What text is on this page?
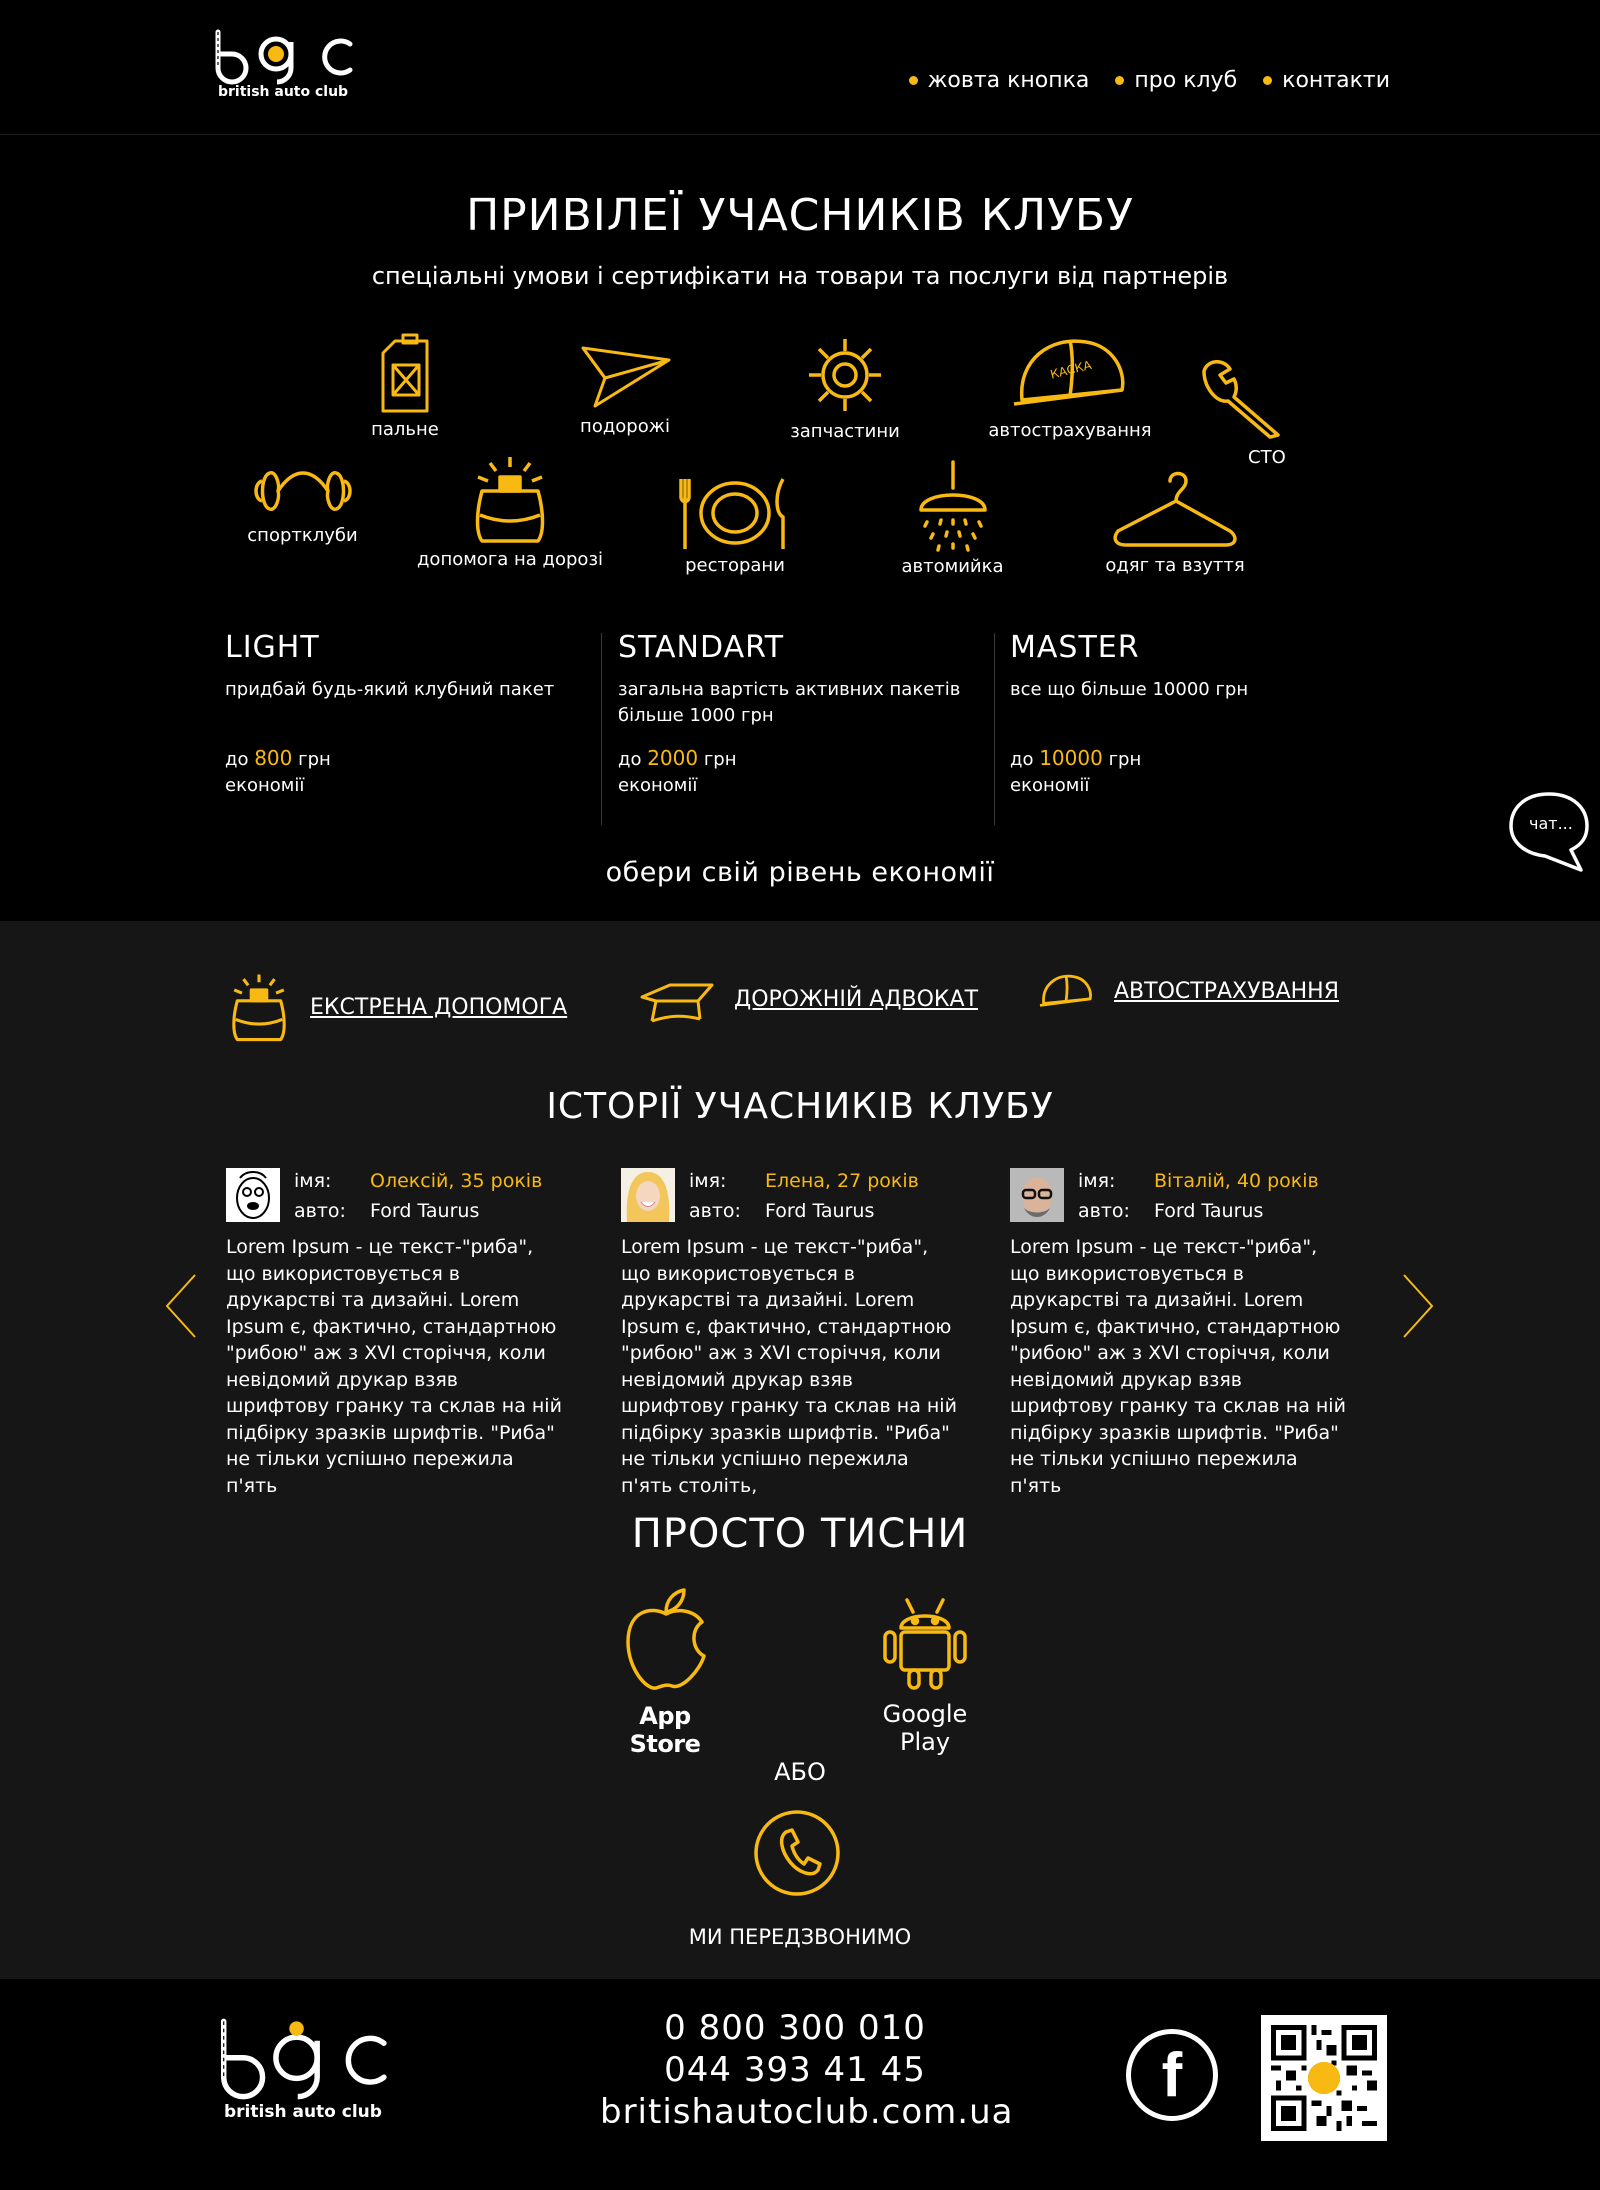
british auto club	жовта кнопка про клуб контакти
ПРИВІЛЕЇ УЧАСНИКІВ КЛУБУ
спеціальні умови і сертифікати на товари та послуги від партнерів
пальне	подорожі	запчастини
КАСКА
автострахування
СТО
спортклуби
допомога на дорозі	ресторани	автомийка	одяг та взуття
LIGHT
придбай будь-який клубний пакет
до 800 грн
економії
STANDART
загальна вартість активних пакетів більше 1000 грн
до 2000 грн
економії
MASTER
все що більше 10000 грн
до 10000 грн
економії
обери свій рівень економії
чат...
ЕКСТРЕНА ДОПОМОГА	ДОРОЖНІЙ АДВОКАТ	АВТОСТРАХУВАННЯ
ІСТОРІЇ УЧАСНИКІВ КЛУБУ
імя:	Олексій, 35 років
авто:	Ford Taurus
Lorem Ipsum - це текст-"риба", що використовується в друкарстві та дизайні. Lorem Ipsum є, фактично, стандартною "рибою" аж з XVI сторіччя, коли невідомий друкар взяв шрифтову гранку та склав на ній підбірку зразків шрифтів. "Риба" не тільки успішно пережила п'ять
імя:	Елена, 27 років
авто:	Ford Taurus
Lorem Ipsum - це текст-"риба", що використовується в друкарстві та дизайні. Lorem Ipsum є, фактично, стандартною "рибою" аж з XVI сторіччя, коли невідомий друкар взяв шрифтову гранку та склав на ній підбірку зразків шрифтів. "Риба" не тільки успішно пережила п'ять століть,
імя:	Віталій, 40 років
авто:	Ford Taurus
Lorem Ipsum - це текст-"риба", що використовується в друкарстві та дизайні. Lorem Ipsum є, фактично, стандартною "рибою" аж з XVI сторіччя, коли невідомий друкар взяв шрифтову гранку та склав на ній підбірку зразків шрифтів. "Риба" не тільки успішно пережила п'ять
ПРОСТО ТИСНИ
App Store
Google Play
АБО
МИ ПЕРЕДЗВОНИМО
british auto club
0 800 300 010
044 393 41 45
britishautoclub.com.ua
f
